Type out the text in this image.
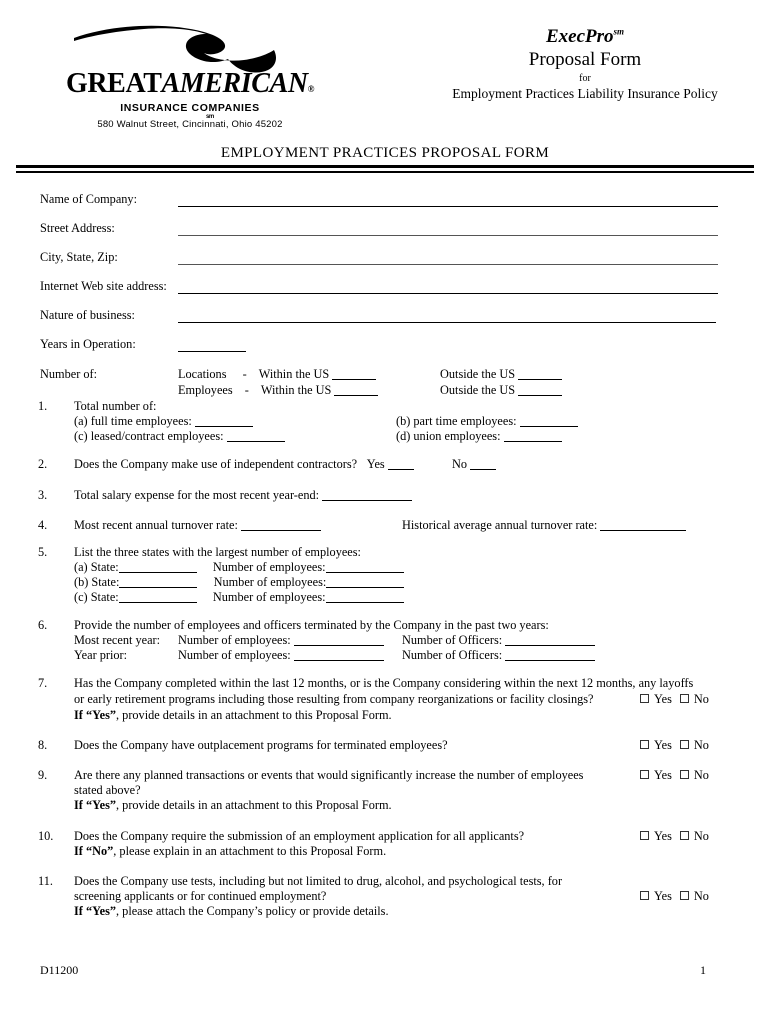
GREATAMERICAN®
sm
INSURANCE COMPANIES
580 Walnut Street, Cincinnati, Ohio 45202
ExecPro$^{sm}$
Proposal Form
for
Employment Practices Liability Insurance Policy
EMPLOYMENT PRACTICES PROPOSAL FORM
Name of Company:
Street Address:
City, State, Zip:
Internet Web site address:
Nature of business:
Years in Operation:
Number of:	Locations - Within the US	Outside the US
Employees - Within the US	Outside the US
1. Total number of:
(a) full time employees:	(b) part time employees:
(c) leased/contract employees:	(d) union employees:
2. Does the Company make use of independent contractors? Yes	No
3. Total salary expense for the most recent year-end:
4. Most recent annual turnover rate:	Historical average annual turnover rate:
5. List the three states with the largest number of employees:
(a) State:	Number of employees:
(b) State:	Number of employees:
(c) State:	Number of employees:
6. Provide the number of employees and officers terminated by the Company in the past two years:
Most recent year: Number of employees:	Number of Officers:
Year prior:	Number of employees:	Number of Officers:
7. Has the Company completed within the last 12 months, or is the Company considering within the next 12 months, any layoffs
or early retirement programs including those resulting from company reorganizations or facility closings?
If “Yes”, provide details in an attachment to this Proposal Form.
Yes No
8. Does the Company have outplacement programs for terminated employees?	Yes No
9. Are there any planned transactions or events that would significantly increase the number of employees
stated above?
If “Yes”, provide details in an attachment to this Proposal Form.
Yes No
10. Does the Company require the submission of an employment application for all applicants?
If “No”, please explain in an attachment to this Proposal Form.
Yes No
11. Does the Company use tests, including but not limited to drug, alcohol, and psychological tests, for
screening applicants or for continued employment?
If “Yes”, please attach the Company’s policy or provide details.
Yes No
D11200	1
